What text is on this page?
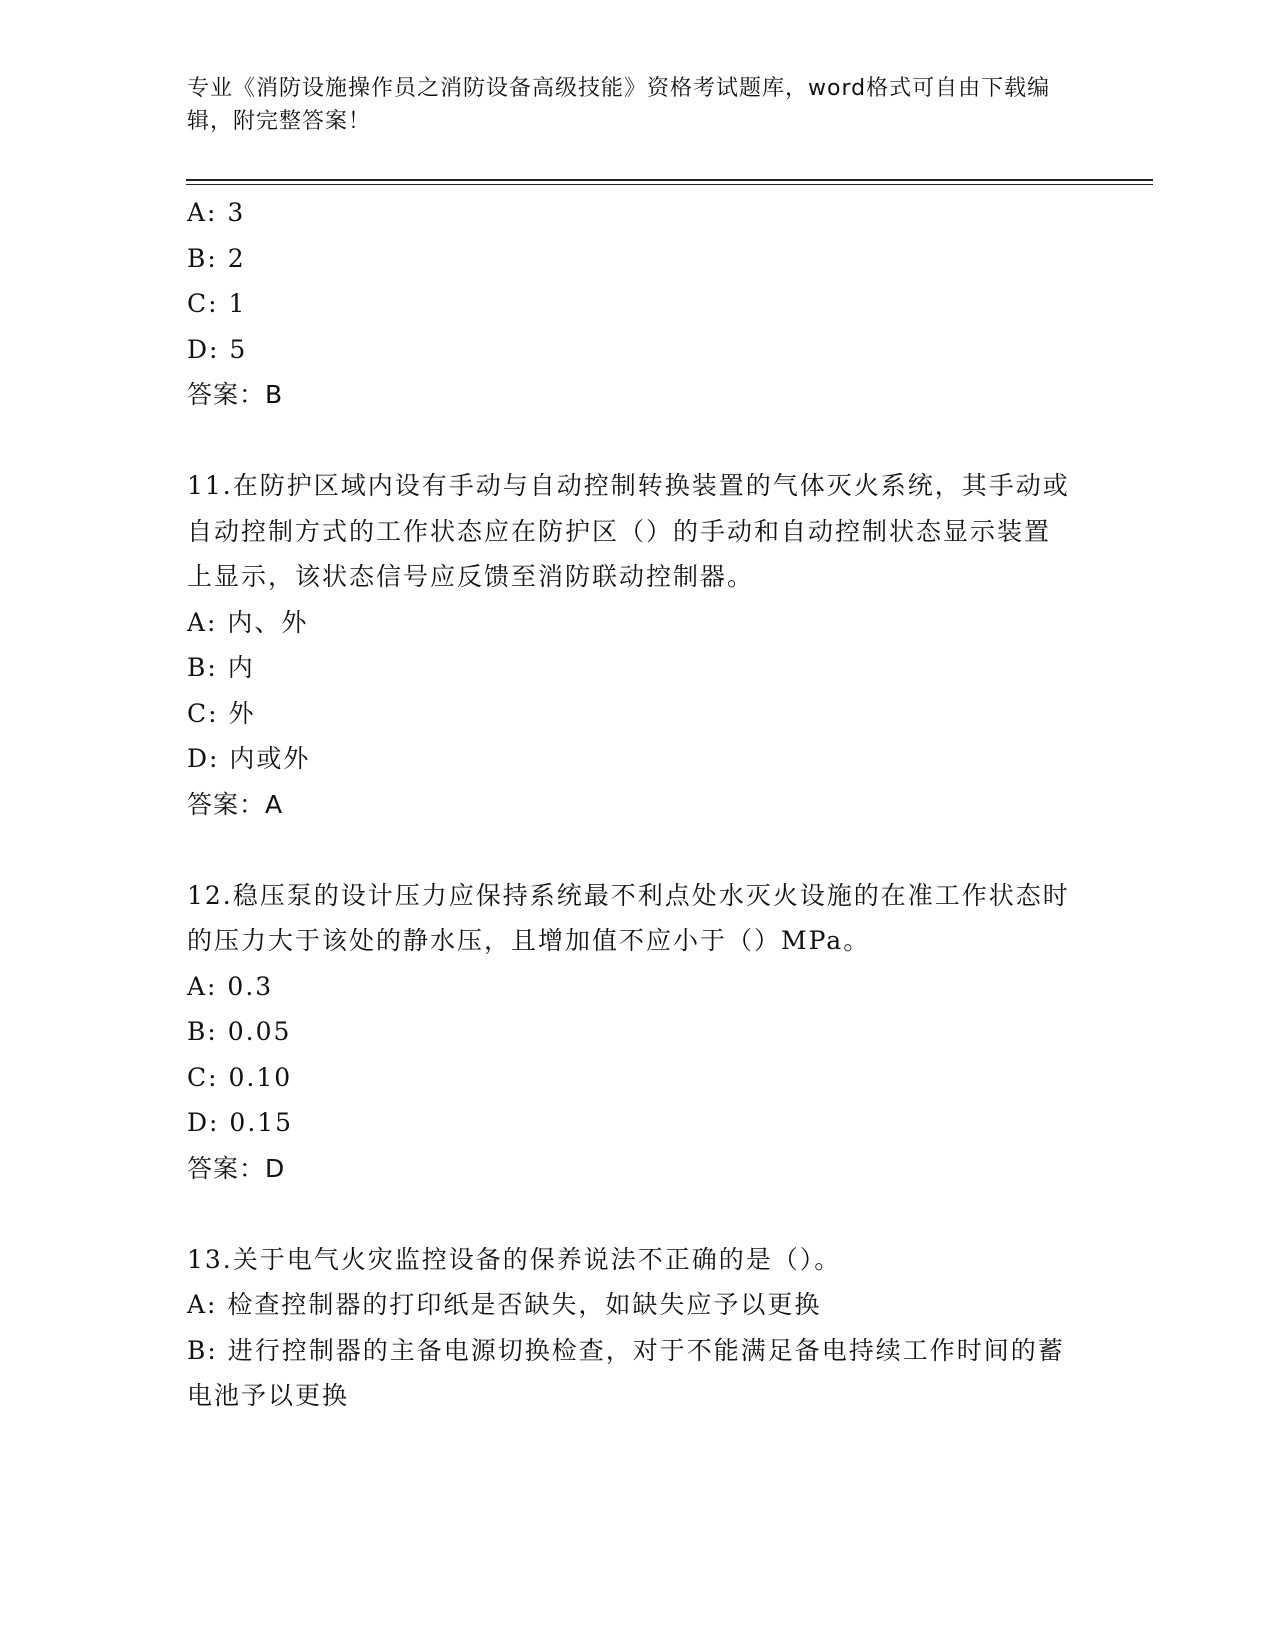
专业《消防设施操作员之消防设备高级技能》资格考试题库，word格式可自由下载编辑，附完整答案！
A: 3
B: 2
C: 1
D: 5
答案：B
11.在防护区域内设有手动与自动控制转换装置的气体灭火系统，其手动或自动控制方式的工作状态应在防护区（）的手动和自动控制状态显示装置上显示，该状态信号应反馈至消防联动控制器。
A: 内、外
B: 内
C: 外
D: 内或外
答案：A
12.稳压泵的设计压力应保持系统最不利点处水灭火设施的在准工作状态时的压力大于该处的静水压，且增加值不应小于（）MPa。
A: 0.3
B: 0.05
C: 0.10
D: 0.15
答案：D
13.关于电气火灾监控设备的保养说法不正确的是（）。
A: 检查控制器的打印纸是否缺失，如缺失应予以更换
B: 进行控制器的主备电源切换检查，对于不能满足备电持续工作时间的蓄电池予以更换
